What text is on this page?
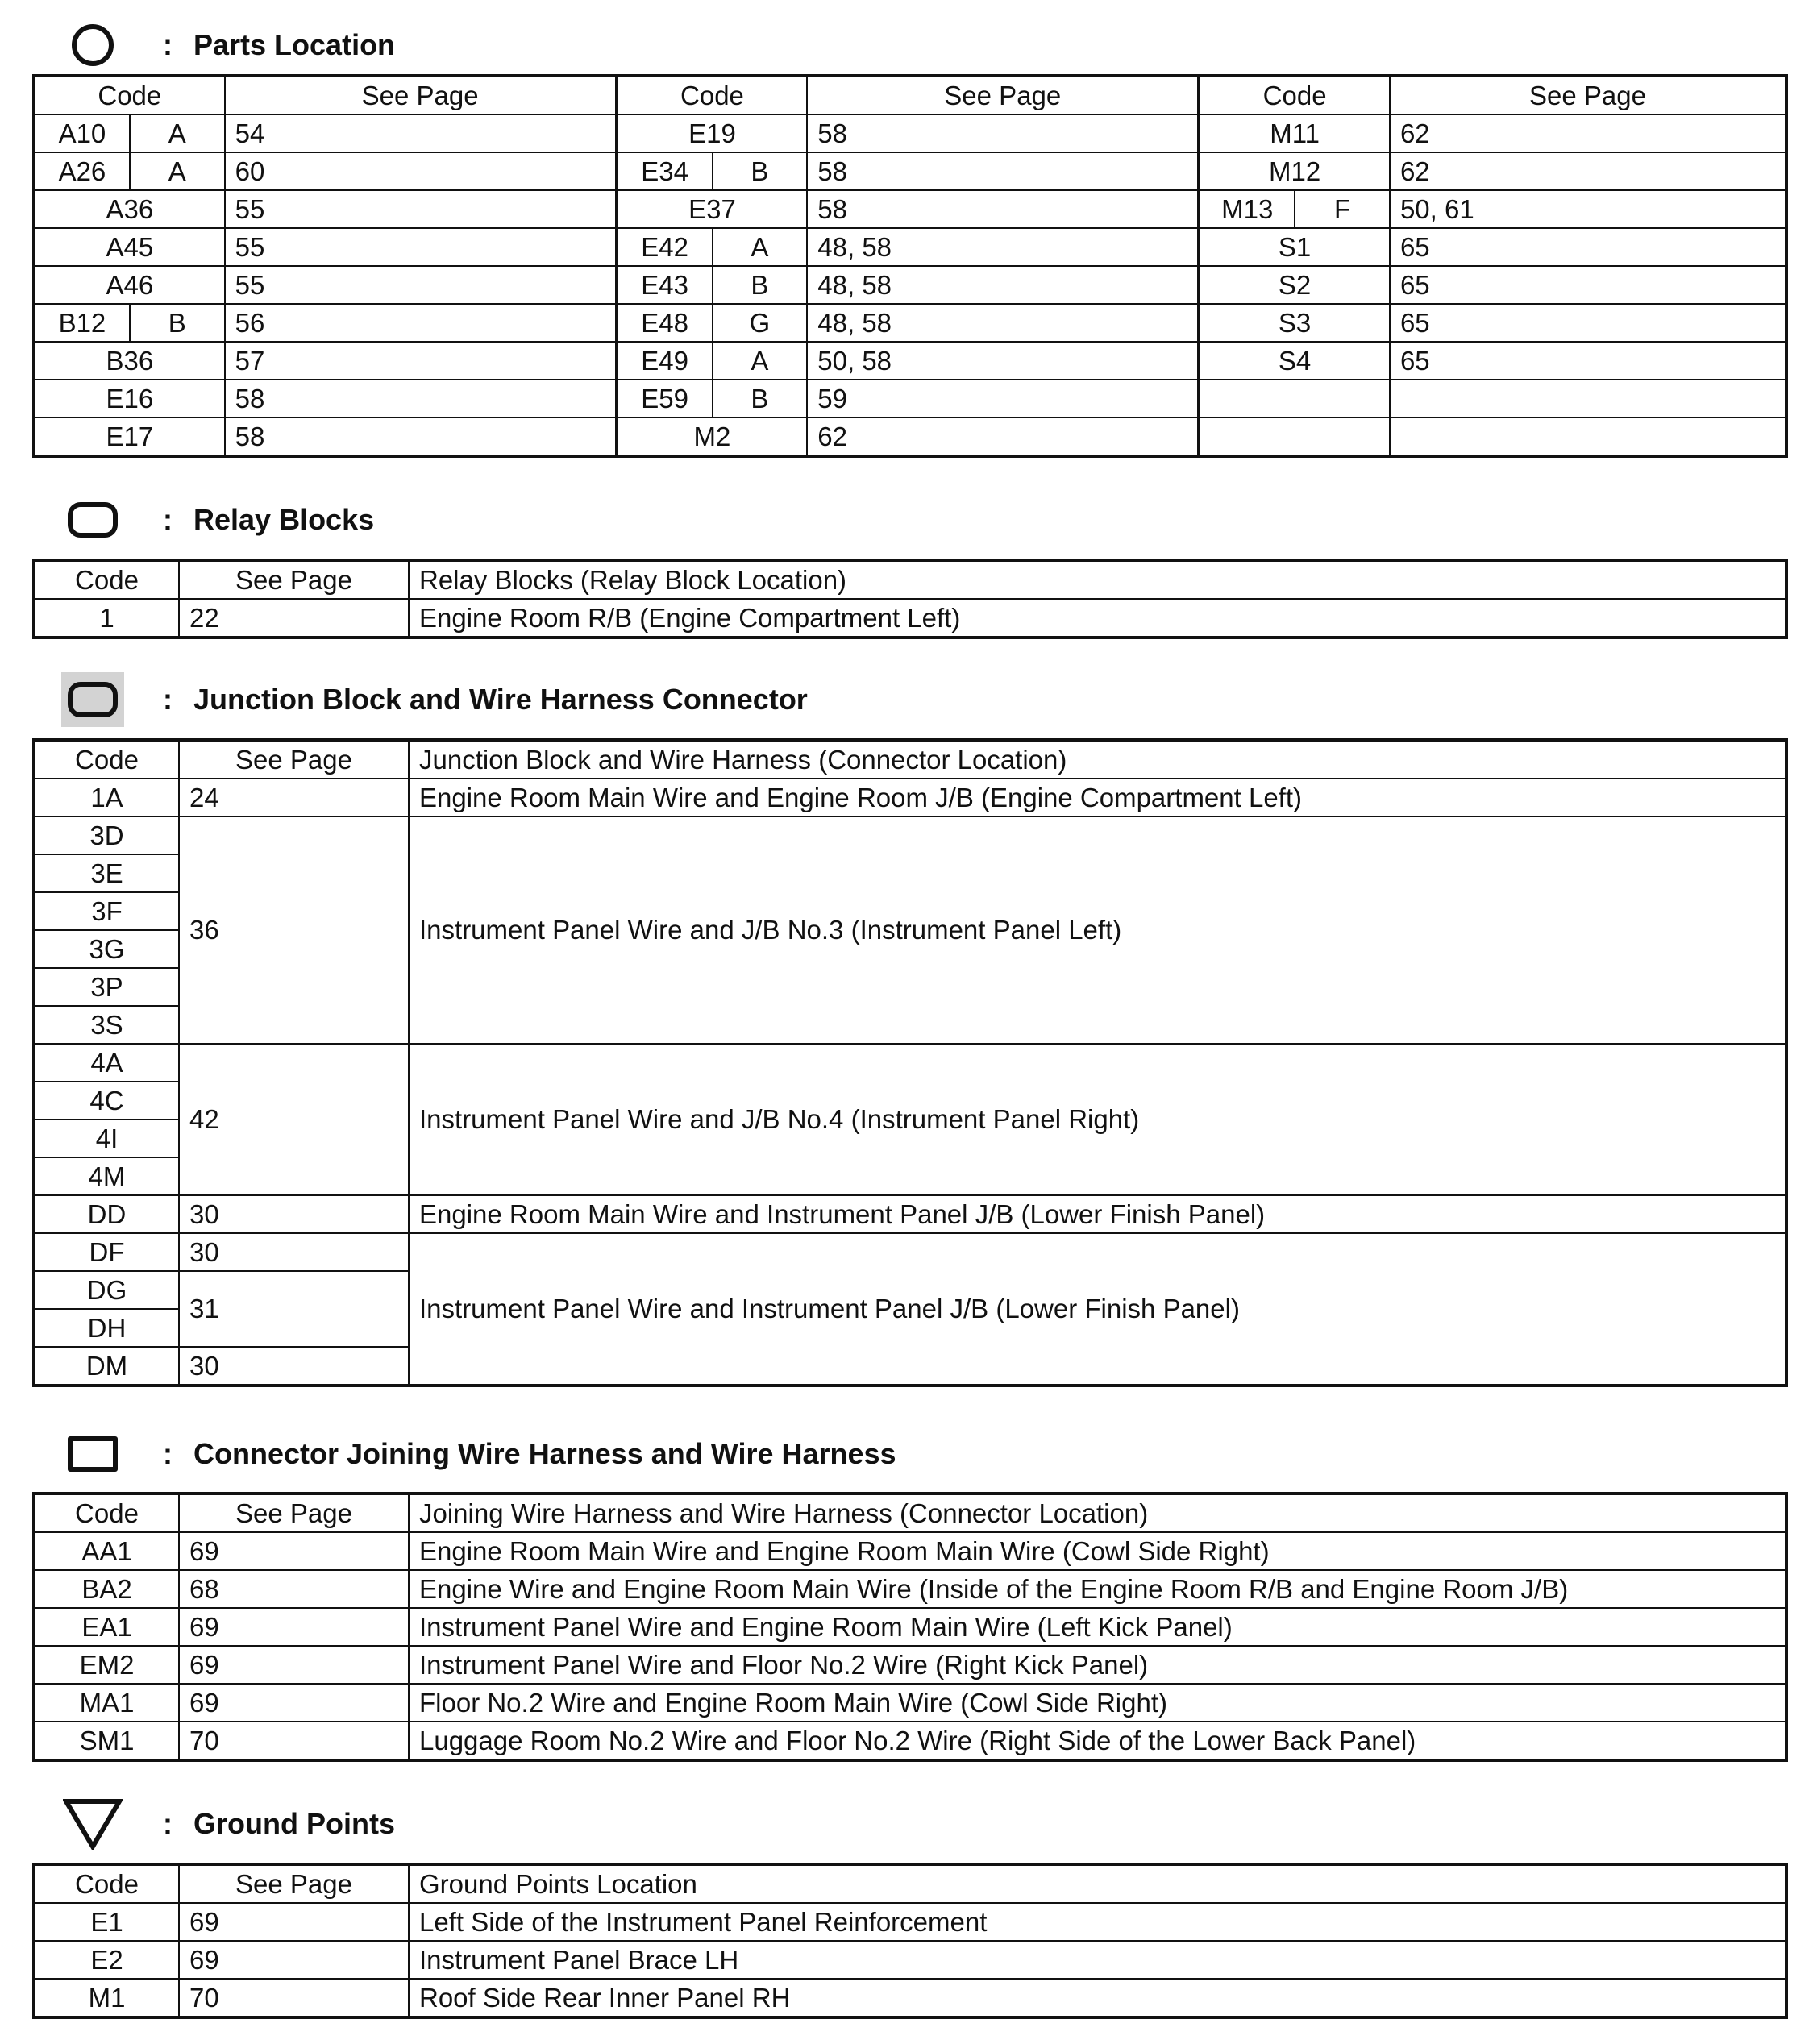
: Parts Location
Code		See Page	Code		See Page	Code		See Page
A10	A	54	E19		58	M11		62
A26	A	60	E34	B	58	M12		62
A36		55	E37		58	M13	F	50, 61
A45		55	E42	A	48, 58	S1		65
A46		55	E43	B	48, 58	S2		65
B12	B	56	E48	G	48, 58	S3		65
B36		57	E49	A	50, 58	S4		65
E16		58	E59	B	59			
E17		58	M2		62			
: Relay Blocks
Code	See Page	Relay Blocks (Relay Block Location)
1	22	Engine Room R/B (Engine Compartment Left)
: Junction Block and Wire Harness Connector
Code	See Page	Junction Block and Wire Harness (Connector Location)
1A	24	Engine Room Main Wire and Engine Room J/B (Engine Compartment Left)
3D	36	Instrument Panel Wire and J/B No.3 (Instrument Panel Left)
3E		
3F		
3G		
3P		
3S		
4A	42	Instrument Panel Wire and J/B No.4 (Instrument Panel Right)
4C		
4I		
4M		
DD	30	Engine Room Main Wire and Instrument Panel J/B (Lower Finish Panel)
DF	30	Instrument Panel Wire and Instrument Panel J/B (Lower Finish Panel)
DG	31	
DH		
DM	30	
: Connector Joining Wire Harness and Wire Harness
Code	See Page	Joining Wire Harness and Wire Harness (Connector Location)
AA1	69	Engine Room Main Wire and Engine Room Main Wire (Cowl Side Right)
BA2	68	Engine Wire and Engine Room Main Wire (Inside of the Engine Room R/B and Engine Room J/B)
EA1	69	Instrument Panel Wire and Engine Room Main Wire (Left Kick Panel)
EM2	69	Instrument Panel Wire and Floor No.2 Wire (Right Kick Panel)
MA1	69	Floor No.2 Wire and Engine Room Main Wire (Cowl Side Right)
SM1	70	Luggage Room No.2 Wire and Floor No.2 Wire (Right Side of the Lower Back Panel)
: Ground Points
Code	See Page	Ground Points Location
E1	69	Left Side of the Instrument Panel Reinforcement
E2	69	Instrument Panel Brace LH
M1	70	Roof Side Rear Inner Panel RH
